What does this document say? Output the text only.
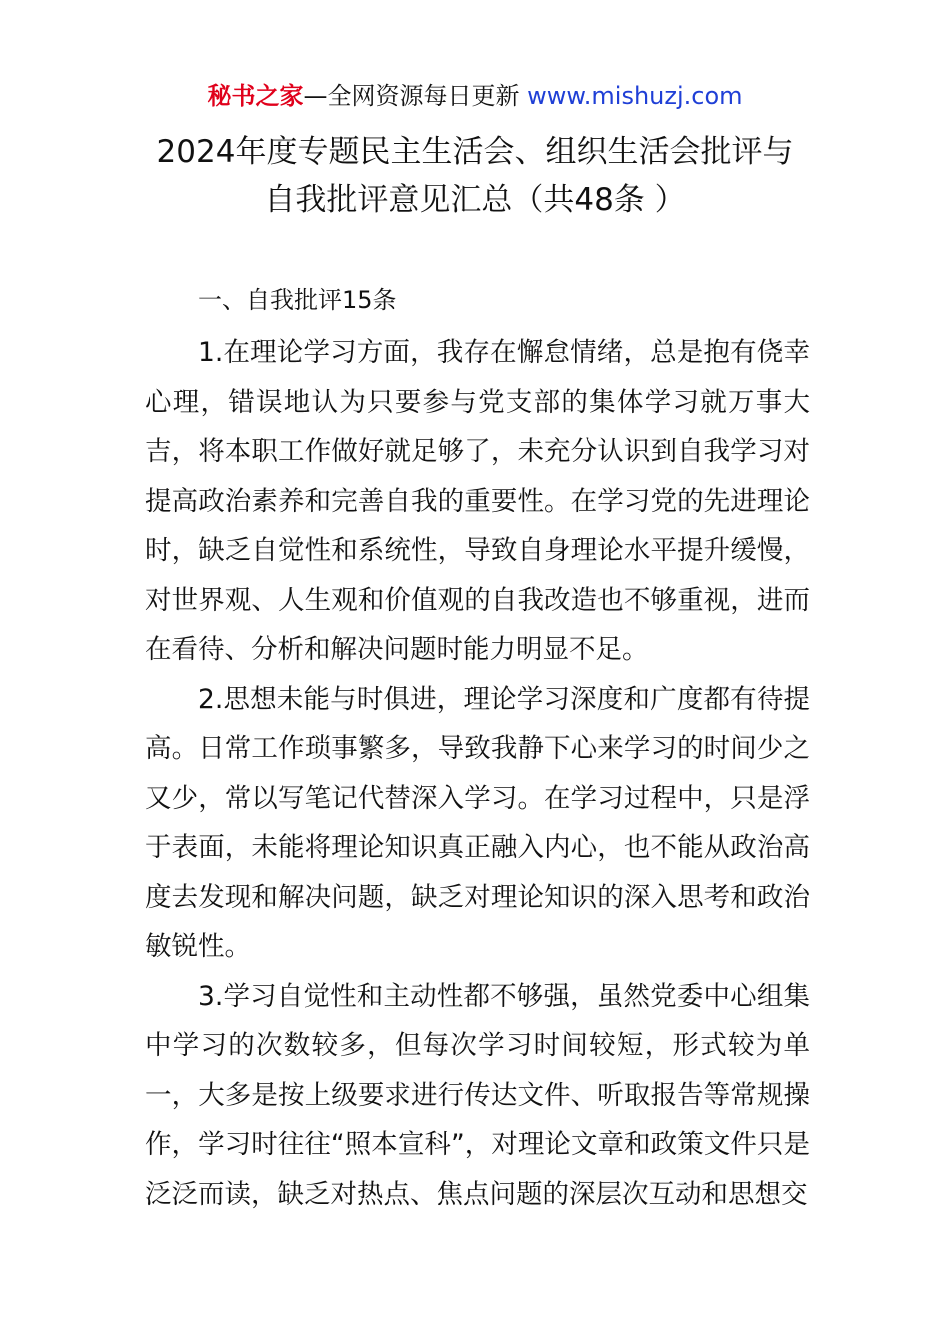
秘书之家—全网资源每日更新 www.mishuzj.com
2024年度专题民主生活会、组织生活会批评与
自我批评意见汇总（共48条 ）

一、自我批评15条

1.在理论学习方面，我存在懈怠情绪，总是抱有侥幸心理，错误地认为只要参与党支部的集体学习就万事大吉，将本职工作做好就足够了，未充分认识到自我学习对提高政治素养和完善自我的重要性。在学习党的先进理论时，缺乏自觉性和系统性，导致自身理论水平提升缓慢，对世界观、人生观和价值观的自我改造也不够重视，进而在看待、分析和解决问题时能力明显不足。

2.思想未能与时俱进，理论学习深度和广度都有待提高。日常工作琐事繁多，导致我静下心来学习的时间少之又少，常以写笔记代替深入学习。在学习过程中，只是浮于表面，未能将理论知识真正融入内心，也不能从政治高度去发现和解决问题，缺乏对理论知识的深入思考和政治敏锐性。

3.学习自觉性和主动性都不够强，虽然党委中心组集中学习的次数较多，但每次学习时间较短，形式较为单一，大多是按上级要求进行传达文件、听取报告等常规操作，学习时往往“照本宣科”，对理论文章和政策文件只是泛泛而读，缺乏对热点、焦点问题的深层次互动和思想交
